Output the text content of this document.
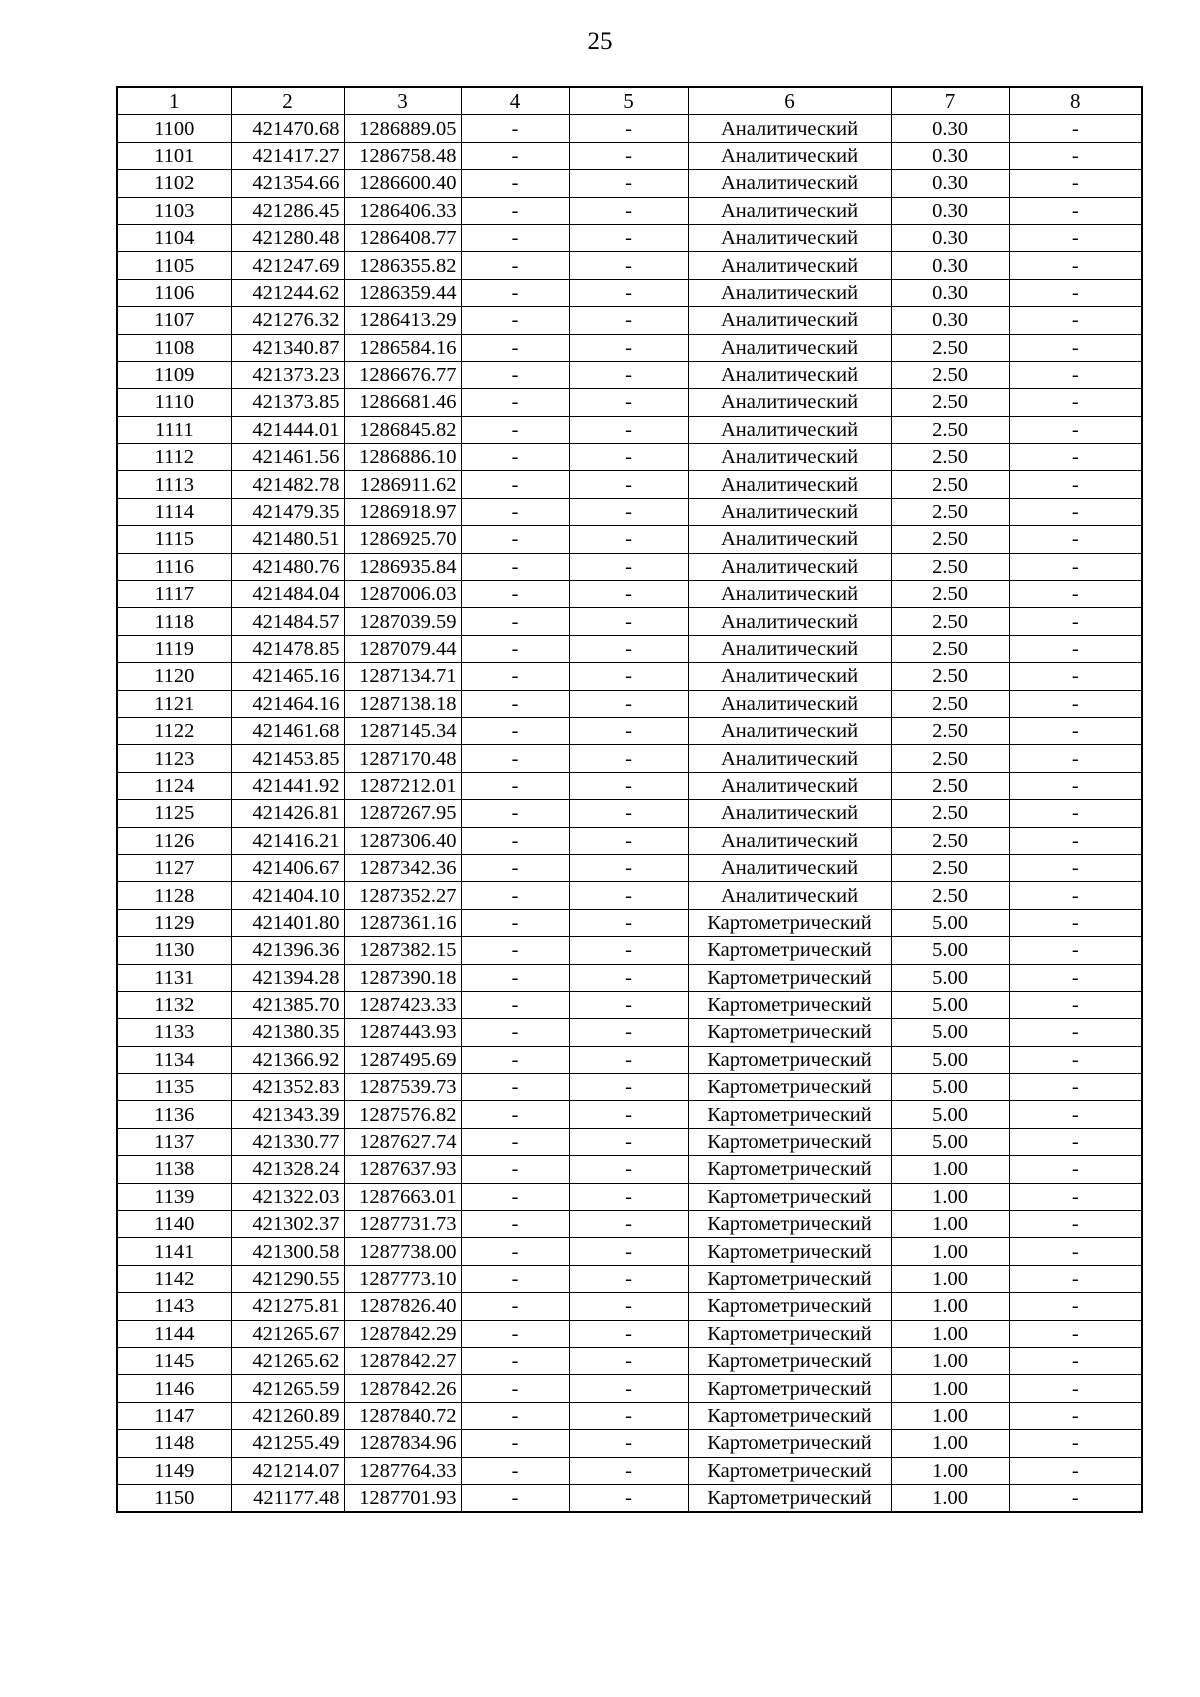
25
1	2	3	4	5	6	7	8
1100	421470.68	1286889.05	-	-	Аналитический	0.30	-
1101	421417.27	1286758.48	-	-	Аналитический	0.30	-
1102	421354.66	1286600.40	-	-	Аналитический	0.30	-
1103	421286.45	1286406.33	-	-	Аналитический	0.30	-
1104	421280.48	1286408.77	-	-	Аналитический	0.30	-
1105	421247.69	1286355.82	-	-	Аналитический	0.30	-
1106	421244.62	1286359.44	-	-	Аналитический	0.30	-
1107	421276.32	1286413.29	-	-	Аналитический	0.30	-
1108	421340.87	1286584.16	-	-	Аналитический	2.50	-
1109	421373.23	1286676.77	-	-	Аналитический	2.50	-
1110	421373.85	1286681.46	-	-	Аналитический	2.50	-
1111	421444.01	1286845.82	-	-	Аналитический	2.50	-
1112	421461.56	1286886.10	-	-	Аналитический	2.50	-
1113	421482.78	1286911.62	-	-	Аналитический	2.50	-
1114	421479.35	1286918.97	-	-	Аналитический	2.50	-
1115	421480.51	1286925.70	-	-	Аналитический	2.50	-
1116	421480.76	1286935.84	-	-	Аналитический	2.50	-
1117	421484.04	1287006.03	-	-	Аналитический	2.50	-
1118	421484.57	1287039.59	-	-	Аналитический	2.50	-
1119	421478.85	1287079.44	-	-	Аналитический	2.50	-
1120	421465.16	1287134.71	-	-	Аналитический	2.50	-
1121	421464.16	1287138.18	-	-	Аналитический	2.50	-
1122	421461.68	1287145.34	-	-	Аналитический	2.50	-
1123	421453.85	1287170.48	-	-	Аналитический	2.50	-
1124	421441.92	1287212.01	-	-	Аналитический	2.50	-
1125	421426.81	1287267.95	-	-	Аналитический	2.50	-
1126	421416.21	1287306.40	-	-	Аналитический	2.50	-
1127	421406.67	1287342.36	-	-	Аналитический	2.50	-
1128	421404.10	1287352.27	-	-	Аналитический	2.50	-
1129	421401.80	1287361.16	-	-	Картометрический	5.00	-
1130	421396.36	1287382.15	-	-	Картометрический	5.00	-
1131	421394.28	1287390.18	-	-	Картометрический	5.00	-
1132	421385.70	1287423.33	-	-	Картометрический	5.00	-
1133	421380.35	1287443.93	-	-	Картометрический	5.00	-
1134	421366.92	1287495.69	-	-	Картометрический	5.00	-
1135	421352.83	1287539.73	-	-	Картометрический	5.00	-
1136	421343.39	1287576.82	-	-	Картометрический	5.00	-
1137	421330.77	1287627.74	-	-	Картометрический	5.00	-
1138	421328.24	1287637.93	-	-	Картометрический	1.00	-
1139	421322.03	1287663.01	-	-	Картометрический	1.00	-
1140	421302.37	1287731.73	-	-	Картометрический	1.00	-
1141	421300.58	1287738.00	-	-	Картометрический	1.00	-
1142	421290.55	1287773.10	-	-	Картометрический	1.00	-
1143	421275.81	1287826.40	-	-	Картометрический	1.00	-
1144	421265.67	1287842.29	-	-	Картометрический	1.00	-
1145	421265.62	1287842.27	-	-	Картометрический	1.00	-
1146	421265.59	1287842.26	-	-	Картометрический	1.00	-
1147	421260.89	1287840.72	-	-	Картометрический	1.00	-
1148	421255.49	1287834.96	-	-	Картометрический	1.00	-
1149	421214.07	1287764.33	-	-	Картометрический	1.00	-
1150	421177.48	1287701.93	-	-	Картометрический	1.00	-
